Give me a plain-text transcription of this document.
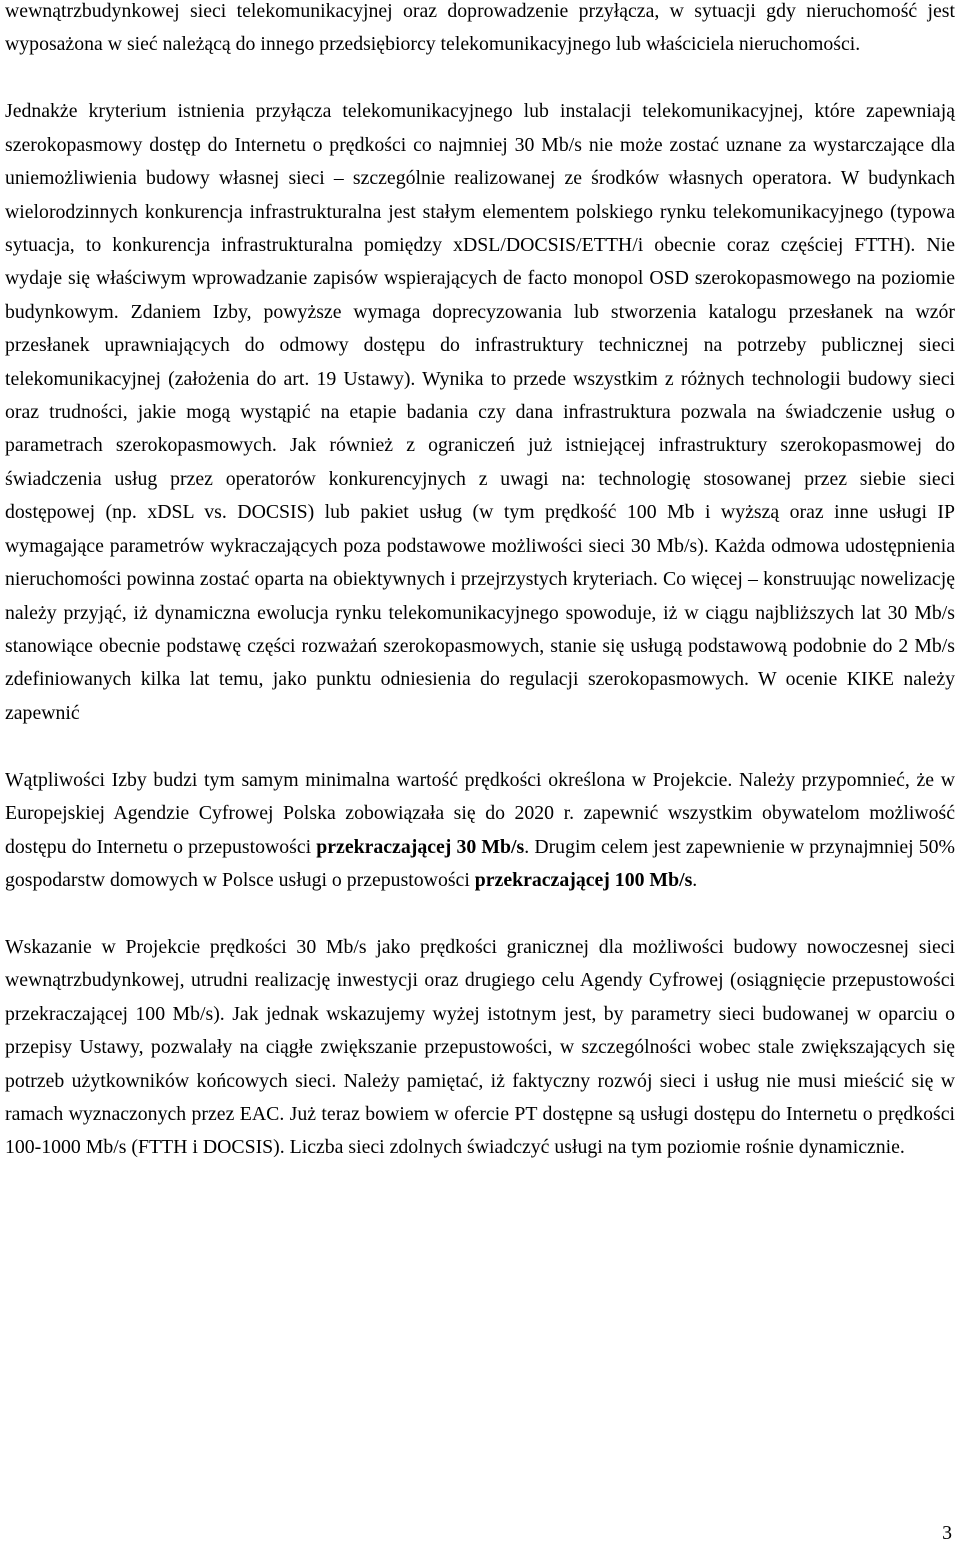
wewnątrzbudynkowej sieci telekomunikacyjnej oraz doprowadzenie przyłącza, w sytuacji gdy nieruchomość jest wyposażona w sieć należącą do innego przedsiębiorcy telekomunikacyjnego lub właściciela nieruchomości.

Jednakże kryterium istnienia przyłącza telekomunikacyjnego lub instalacji telekomunikacyjnej, które zapewniają szerokopasmowy dostęp do Internetu o prędkości co najmniej 30 Mb/s nie może zostać uznane za wystarczające dla uniemożliwienia budowy własnej sieci – szczególnie realizowanej ze środków własnych operatora. W budynkach wielorodzinnych konkurencja infrastrukturalna jest stałym elementem polskiego rynku telekomunikacyjnego (typowa sytuacja, to konkurencja infrastrukturalna pomiędzy xDSL/DOCSIS/ETTH/i obecnie coraz częściej FTTH). Nie wydaje się właściwym wprowadzanie zapisów wspierających de facto monopol OSD szerokopasmowego na poziomie budynkowym. Zdaniem Izby, powyższe wymaga doprecyzowania lub stworzenia katalogu przesłanek na wzór przesłanek uprawniających do odmowy dostępu do infrastruktury technicznej na potrzeby publicznej sieci telekomunikacyjnej (założenia do art. 19 Ustawy). Wynika to przede wszystkim z różnych technologii budowy sieci oraz trudności, jakie mogą wystąpić na etapie badania czy dana infrastruktura pozwala na świadczenie usług o parametrach szerokopasmowych. Jak również z ograniczeń już istniejącej infrastruktury szerokopasmowej do świadczenia usług przez operatorów konkurencyjnych z uwagi na: technologię stosowanej przez siebie sieci dostępowej (np. xDSL vs. DOCSIS) lub pakiet usług (w tym prędkość 100 Mb i wyższą oraz inne usługi IP wymagające parametrów wykraczających poza podstawowe możliwości sieci 30 Mb/s). Każda odmowa udostępnienia nieruchomości powinna zostać oparta na obiektywnych i przejrzystych kryteriach. Co więcej – konstruując nowelizację należy przyjąć, iż dynamiczna ewolucja rynku telekomunikacyjnego spowoduje, iż w ciągu najbliższych lat 30 Mb/s stanowiące obecnie podstawę części rozważań szerokopasmowych, stanie się usługą podstawową podobnie do 2 Mb/s zdefiniowanych kilka lat temu, jako punktu odniesienia do regulacji szerokopasmowych. W ocenie KIKE należy zapewnić

Wątpliwości Izby budzi tym samym minimalna wartość prędkości określona w Projekcie. Należy przypomnieć, że w Europejskiej Agendzie Cyfrowej Polska zobowiązała się do 2020 r. zapewnić wszystkim obywatelom możliwość dostępu do Internetu o przepustowości przekraczającej 30 Mb/s. Drugim celem jest zapewnienie w przynajmniej 50% gospodarstw domowych w Polsce usługi o przepustowości przekraczającej 100 Mb/s.

Wskazanie w Projekcie prędkości 30 Mb/s jako prędkości granicznej dla możliwości budowy nowoczesnej sieci wewnątrzbudynkowej, utrudni realizację inwestycji oraz drugiego celu Agendy Cyfrowej (osiągnięcie przepustowości przekraczającej 100 Mb/s). Jak jednak wskazujemy wyżej istotnym jest, by parametry sieci budowanej w oparciu o przepisy Ustawy, pozwalały na ciągłe zwiększanie przepustowości, w szczególności wobec stale zwiększających się potrzeb użytkowników końcowych sieci. Należy pamiętać, iż faktyczny rozwój sieci i usług nie musi mieścić się w ramach wyznaczonych przez EAC. Już teraz bowiem w ofercie PT dostępne są usługi dostępu do Internetu o prędkości 100-1000 Mb/s (FTTH i DOCSIS). Liczba sieci zdolnych świadczyć usługi na tym poziomie rośnie dynamicznie.

3
